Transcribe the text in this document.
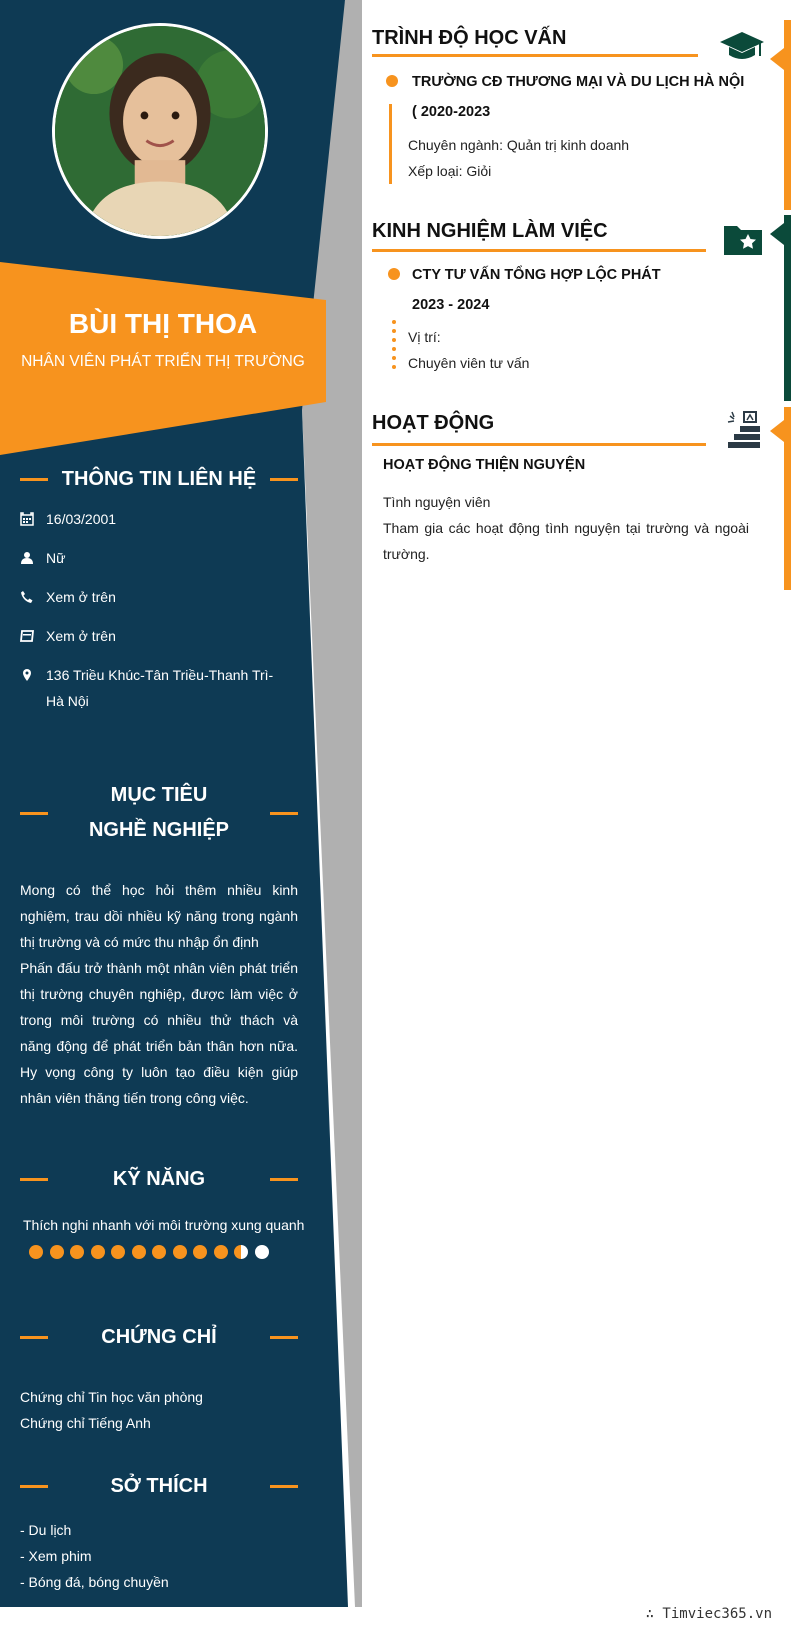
BÙI THỊ THOA
NHÂN VIÊN PHÁT TRIỂN THỊ TRƯỜNG
THÔNG TIN LIÊN HỆ
16/03/2001
Nữ
Xem ở trên
Xem ở trên
136 Triều Khúc-Tân Triều-Thanh Trì-Hà Nội
MỤC TIÊU NGHỀ NGHIỆP
Mong có thể học hỏi thêm nhiều kinh nghiệm, trau dồi nhiều kỹ năng trong ngành thị trường và có mức thu nhập ổn định
Phấn đấu trở thành một nhân viên phát triển thị trường chuyên nghiệp, được làm việc ở trong môi trường có nhiều thử thách và năng động để phát triển bản thân hơn nữa. Hy vọng công ty luôn tạo điều kiện giúp nhân viên thăng tiến trong công việc.
KỸ NĂNG
Thích nghi nhanh với môi trường xung quanh
CHỨNG CHỈ
Chứng chỉ Tin học văn phòng
Chứng chỉ Tiếng Anh
SỞ THÍCH
- Du lịch
- Xem phim
- Bóng đá, bóng chuyền
TRÌNH ĐỘ HỌC VẤN
TRƯỜNG CĐ THƯƠNG MẠI VÀ DU LỊCH HÀ NỘI
( 2020-2023
Chuyên ngành: Quản trị kinh doanh
Xếp loại: Giỏi
KINH NGHIỆM LÀM VIỆC
CTY TƯ VẤN TỔNG HỢP LỘC PHÁT
2023 - 2024
Vị trí:
Chuyên viên tư vấn
HOẠT ĐỘNG
HOẠT ĐỘNG THIỆN NGUYỆN
Tình nguyện viên
Tham gia các hoạt động tình nguyện tại trường và ngoài trường.
∴ Timviec365.vn
